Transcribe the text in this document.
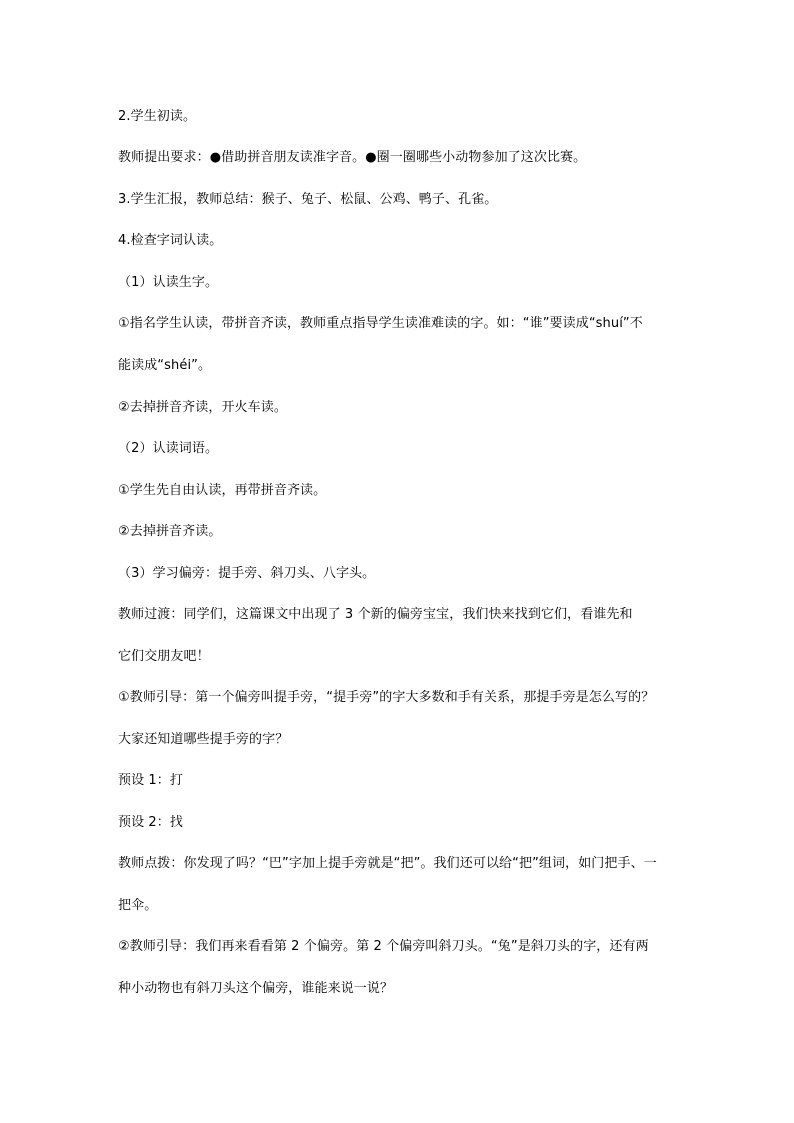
2.学生初读。
教师提出要求：●借助拼音朋友读准字音。●圈一圈哪些小动物参加了这次比赛。
3.学生汇报，教师总结：猴子、兔子、松鼠、公鸡、鸭子、孔雀。
4.检查字词认读。
（1）认读生字。
①指名学生认读，带拼音齐读，教师重点指导学生读准难读的字。如：“谁”要读成“shuí”不
能读成“shéi”。
②去掉拼音齐读，开火车读。
（2）认读词语。
①学生先自由认读，再带拼音齐读。
②去掉拼音齐读。
（3）学习偏旁：提手旁、斜刀头、八字头。
教师过渡：同学们，这篇课文中出现了 3 个新的偏旁宝宝，我们快来找到它们，看谁先和
它们交朋友吧！
①教师引导：第一个偏旁叫提手旁，“提手旁”的字大多数和手有关系，那提手旁是怎么写的？
大家还知道哪些提手旁的字？
预设 1：打
预设 2：找
教师点拨：你发现了吗？“巴”字加上提手旁就是“把”。我们还可以给“把”组词，如门把手、一
把伞。
②教师引导：我们再来看看第 2 个偏旁。第 2 个偏旁叫斜刀头。“兔”是斜刀头的字，还有两
种小动物也有斜刀头这个偏旁，谁能来说一说？
